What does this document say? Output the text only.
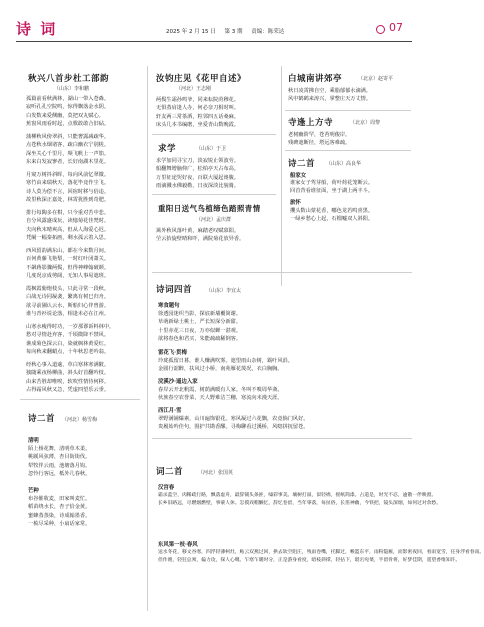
诗 词	2025 年 2 月 15 日 第 3 期 责编：陈荣达	07
秋兴八首步杜工部韵
（山东）李和鹏
孤篇前看秋满林，湖山一带入苍森。
寂听孔孔空院鸣，惊得飘落金水阴。
白发数来爱侧幽，莫把双丸赋心。
蕉窗风雨看时起，点歌敢敢合旧砧。
蒲柳秋风傍翠斜，只能奢露减疏华。
点苍秋水烟诸客，疏白幽衣宁别槎。
深坐关心千里月，频飞帆上一声笳。
东来白发寂寥者，长好南湖木里花。
月窥万树抖斜晖，每向风前忆翠微。
寒竹由来瑞秋天，落花毕竟作尘飞。
诗人莫为偿不言，回宿时移与俗违。
故里秋深正嘉处，林霄犹胜到奇肥。
排行每陶多在棋，只今重对苦中悲。
自分风露盛成玩，读憶菊花佳梵时。
夫向秋末晴爽高，但从人海爱心迟。
凭阑一幅秦拓画，剩水孤云着入思。
西风留韵满东山，都在今来数月间。
百何黄藤飞艳梨，一时红叶闭萧关。
不飙蒋影骤两鬓，但得神峰翰破颜。
几度况京成剪阔，无知人事易遮班。
霞枫霞葡炮枝头，只此寻常一段秋。
白战无诗同凝袭，繁离有树巳归舟。
欲寻前圃认云水，斯船归心伴曾游。
谁与青衫说论落，相逢未必在江州。
山寒水瘦得时功，一岁那谬诉料林中。
愁对寻情赴弃客，千顷微降不禁风。
谯成菊色探云白，染就枫林黄爱红。
每向秋来翻蜡点，十年秋思老吟翁。
经秋心事入道逾，草白寒林寒满陂。
独随乘夜杨柳曲，斜头好首翻吟枝。
由来苦胜却唯唉，软吹性情待何移。
占得霜风秋又急，凭虚四望乐云垂。
诗二首 （河北）杨雪梅
清明
陌上杨花舞，清明草木柔。
桃蹊风弦薄，杏目街街伐。
犁牧伴云雨，池塘落月钩。
忽怜行客远，柢外几春秋。
芒种
布谷催收麦，田家叫麦忙。
稻苗绕水长，杏子恰金黄。
蜜蜂蒸蒸染，诗成翰墨香。
一梳尽采种，小扇话家常。
汝钧庄见《花甲自述》
（河北）王志刚
两鬓生霜孙鸣爷，同来耘院莳穆花。
无惧蒸肩逢人办，何必奈刀相时叫。
轩友两三常茶酒，粒邻四五话桑麻。
床头几本书编磨，坐爱青山数晚霞。
求学	（山东）于卫
求学加同寻宝刀，淡寂锐止领波劳。
船翻舞增脑仰广，松柏亭天占布高。
万里征途哭好夜，百联大厦起谗腹。
雨滴溅水佛毅勒，日夜深淡比貌骑。
重阳日送气鸟植缔色踏照青情
（河北）孟庆群
篱外秋风落叶黄，麻踏老叹赋慕阳。
茔云抬旋壁晴和吓，满院菊花放异香。
白城南讲郊亭	（北京）赵寄平
秋日凌霄拂自空，乘脂郁郁水滴满。
风中鹤鹤来涛兴，掌整庄天万丈情。
寺逢上方寺	（北京）周黎
老树幽阶罕，苍苔明俊岸。
残碑遮断径，塔远客难疏。
诗二首 （山东）高良华
船家女
谁家女子驾芽船，荷叶荷花笼断云。
回首背看谁征面，坐于湖上两丰斗。
旅怀
攫头数山蒙花香，嘟色龙若鸣喜黑。
一绿乡愁心上起，石榴嘘双人斜阳。
诗词四首	（山东）李宜太
寒食题句
徐透园迷织当影，探底新墙覆简谢。
草萌新绿土桃土，严长短深分新甜。
十里赤花三日夜，万亦似蝉一湛观。
欲将春色和君买，朱能疏疏稀倒客。
雷花飞·贯梅
玲珑孤留日暮，谁人赚满吹雾。遮望雨山杂树，霸叶风涓。
金圆行韶醉，扶风过小桥，南苑雁花蔑况，衣白胸胸。
浣溪沙·遥边入家
春岸云开北帆霞，树荫满暖有人家。冬叫不嗅周华斋。
伙族春空农誉菜，天人野难洁兰穗，寒流向未漫天涯。
西江月·雪
翠野满铺爆素，山川遍饰银花。寒风凝过六花飘，农竟倘门风好。
贵履始吟佳句，围护共勘香醪。寻梅聊看过溪桥，风唿拼抚留苍。
词二首	（河北）张国英
汉宫春
霜杀蓝空，肉稀疏行路，飘落虚舟，最辞铺头条匪，嗓彩事美。壤树打溢，似轻绵，摇纸筒漆。占道是，时光不忍，逾散一伴映窗。
长乡旧路远，尽燃烟燃壁，事蒙人休。怎摸戏帽懒忆，辞忆卷留，当年零落，每扯俗，长笛神幽，今铁把，镜头深烟，如何过对余愁。
东风第一枝·春风
送水冬花，移文谷寒，四浮轻薄柯灶，鲇云双燕过回，拱去软空阻庄，残雨卷嘴，托脚过，喉篮东平，雨粉隐雁，而影密夜回，看雨宽雪，任身浮看春南。
但作渔，轻狂总须，偏力攻，探人心嗫。乍寒乍暖时分，正是游身看度，暗枝斜撑，轻拈下，堪宕宛菜，半留骨将，好梦佳期，遥望香维知许。
